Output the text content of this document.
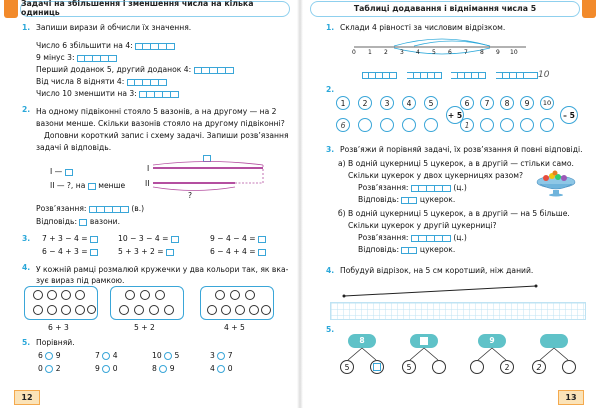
Задачі на збільшення і зменшення числа на кілька одиниць
1. Запиши вирази й обчисли їх значення.
Число 6 збільшити на 4:
9 мінус 3:
Перший доданок 5, другий доданок 4:
Від числа 8 відняти 4:
Число 10 зменшити на 3:
2. На одному підвіконні стояло 5 вазонів, а на другому — на 2
вазони менше. Скільки вазонів стояло на другому підвіконні?
Доповни короткий запис і схему задачі. Запиши розв’язання
задачі й відповідь.
І —
ІІ — ?, на менше
І
ІІ
?
Розв’язання:	(в.)
Відповідь: вазони.
3. 7 + 3 − 4 =	10 − 3 − 4 =	9 − 4 − 4 =
6 − 4 + 3 =	5 + 3 + 2 =	6 − 4 + 4 =
4. У кожній рамці розмалюй кружечки у два кольори так, як вка-
зує вираз під рамкою.
6 + 3	5 + 2	4 + 5
5. Порівняй.
6 9	7 4	10 5	3 7
0 2	9 0	8 9	4 0
12
Таблиці додавання і віднімання числа 5
1. Склади 4 рівності за числовим відрізком.
0 1 2 3 4 5 6 7 8 9 10

10
2.
1	2	3	4	5
6
+ 5
6	7	8	9	10
1
– 5
3. Розв’яжи й порівняй задачі, їх розв’язання й повні відповіді.
а) В одній цукерниці 5 цукерок, а в другій — стільки само.
Скільки цукерок у двох цукерницях разом?
Розв’язання:	(ц.)
Відповідь:	цукерок.
б) В одній цукерниці 5 цукерок, а в другій — на 5 більше.
Скільки цукерок у другій цукерниці?
Розв’язання:	(ц.)
Відповідь:	цукерок.
4. Побудуй відрізок, на 5 см коротший, ніж даний.
5.
8
5	5
9
2	2
13
